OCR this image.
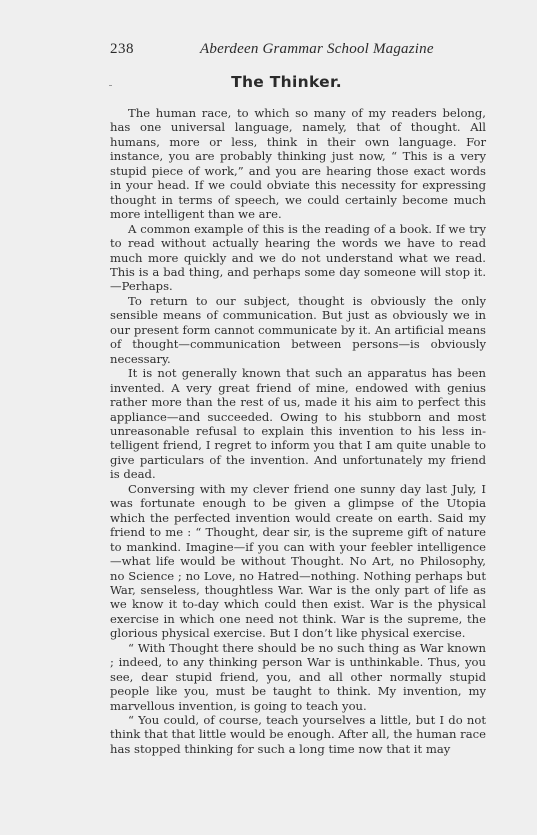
238	Aberdeen Grammar School Magazine
The Thinker.

The human race, to which so many of my readers belong, has one universal language, namely, that of thought. All humans, more or less, think in their own language. For instance, you are probably thinking just now, “ This is a very stupid piece of work,” and you are hearing those exact words in your head. If we could obviate this necessity for expressing thought in terms of speech, we could certainly become much more intelligent than we are.

A common example of this is the reading of a book. If we try to read without actually hearing the words we have to read much more quickly and we do not understand what we read. This is a bad thing, and perhaps some day someone will stop it. —Perhaps.

To return to our subject, thought is obviously the only sensible means of communication. But just as obviously we in our present form cannot communicate by it. An artificial means of thought—communication between persons—is obviously necessary.

It is not generally known that such an apparatus has been invented. A very great friend of mine, endowed with genius rather more than the rest of us, made it his aim to perfect this appliance—and succeeded. Owing to his stubborn and most unreasonable refusal to explain this invention to his less in-telligent friend, I regret to inform you that I am quite unable to give particulars of the invention. And unfortunately my friend is dead.

Conversing with my clever friend one sunny day last July, I was fortunate enough to be given a glimpse of the Utopia which the perfected invention would create on earth. Said my friend to me : “ Thought, dear sir, is the supreme gift of nature to mankind. Imagine—if you can with your feebler intelligence—what life would be without Thought. No Art, no Philosophy, no Science ; no Love, no Hatred—nothing. Nothing perhaps but War, senseless, thoughtless War. War is the only part of life as we know it to-day which could then exist. War is the physical exercise in which one need not think. War is the supreme, the glorious physical exercise. But I don’t like physical exercise.

“ With Thought there should be no such thing as War known ; indeed, to any thinking person War is unthinkable. Thus, you see, dear stupid friend, you, and all other normally stupid people like you, must be taught to think. My invention, my marvellous invention, is going to teach you.

“ You could, of course, teach yourselves a little, but I do not think that that little would be enough. After all, the human race has stopped thinking for such a long time now that it may
